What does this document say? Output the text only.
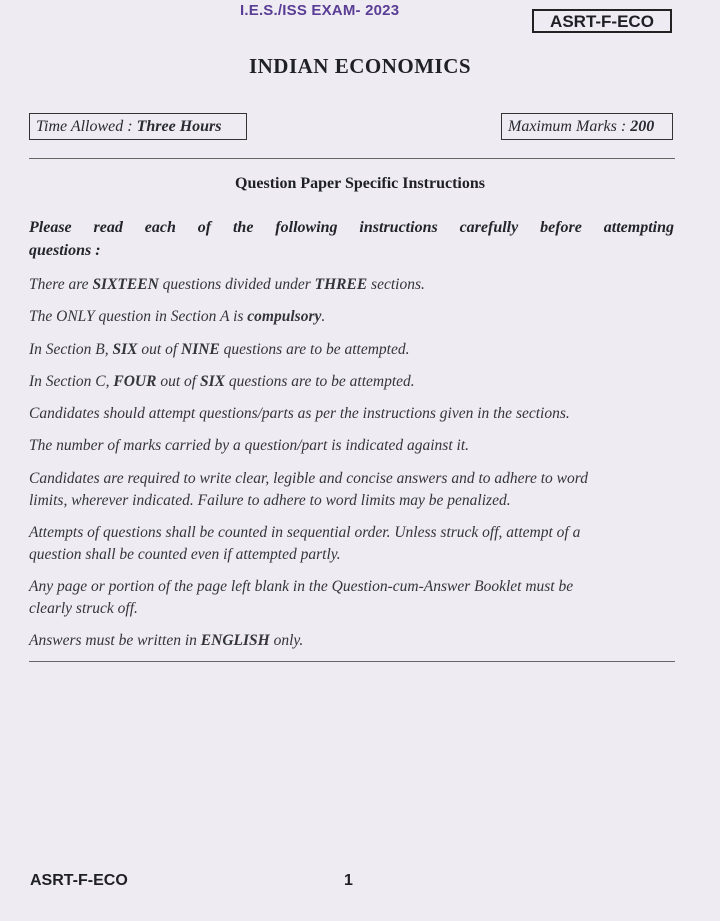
I.E.S./ISS EXAM- 2023
ASRT-F-ECO
INDIAN ECONOMICS
Time Allowed : Three Hours	Maximum Marks : 200
Question Paper Specific Instructions
Please read each of the following instructions carefully before attempting
questions :
There are SIXTEEN questions divided under THREE sections.
The ONLY question in Section A is compulsory.
In Section B, SIX out of NINE questions are to be attempted.
In Section C, FOUR out of SIX questions are to be attempted.
Candidates should attempt questions/parts as per the instructions given in the sections.
The number of marks carried by a question/part is indicated against it.
Candidates are required to write clear, legible and concise answers and to adhere to word
limits, wherever indicated. Failure to adhere to word limits may be penalized.
Attempts of questions shall be counted in sequential order. Unless struck off, attempt of a
question shall be counted even if attempted partly.
Any page or portion of the page left blank in the Question-cum-Answer Booklet must be
clearly struck off.
Answers must be written in ENGLISH only.
ASRT-F-ECO	1
